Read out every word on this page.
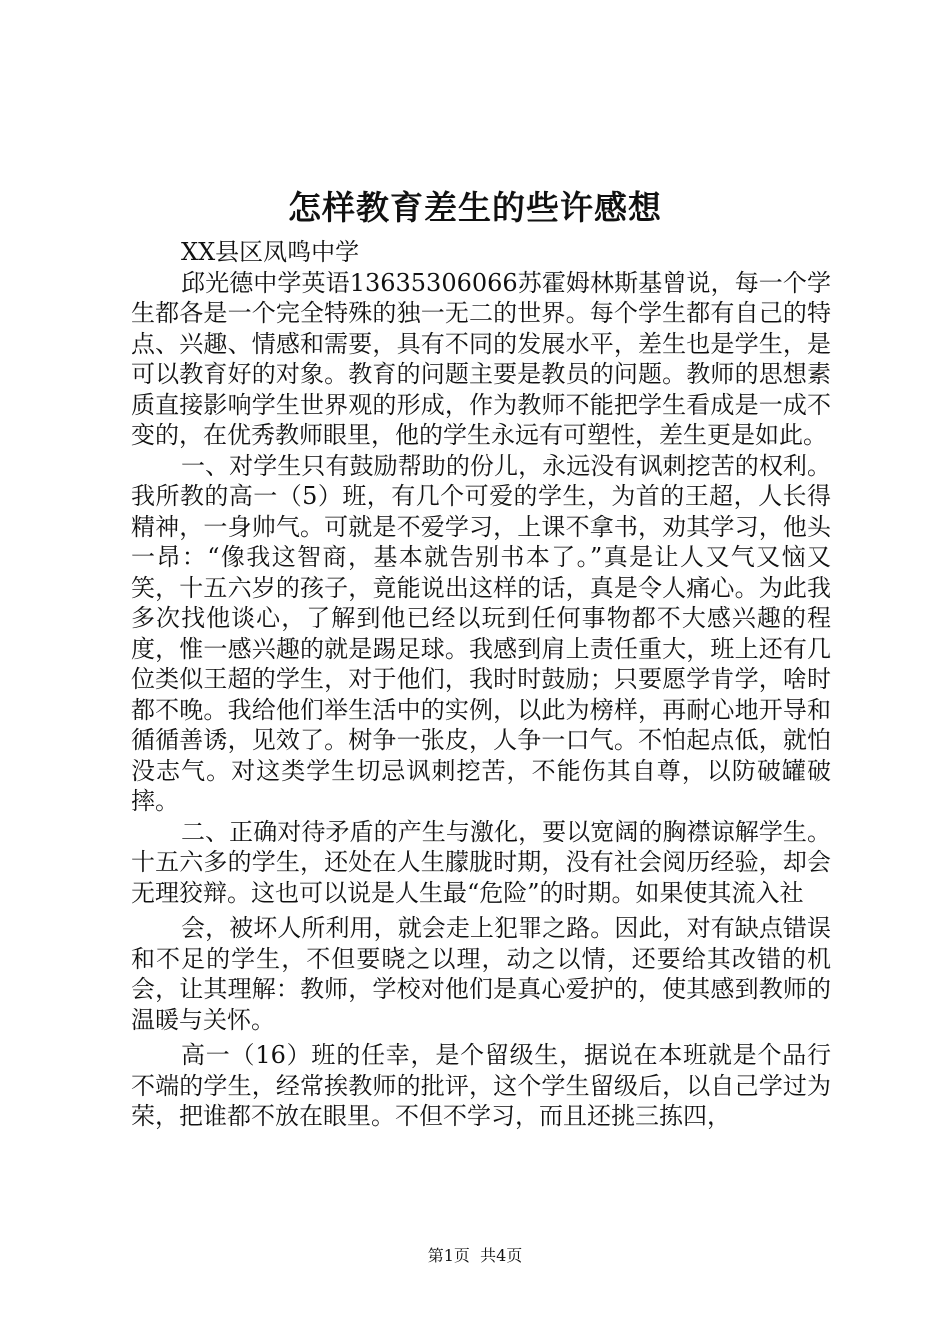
怎样教育差生的些许感想

XX县区凤鸣中学

邱光德中学英语13635306066苏霍姆林斯基曾说，每一个学生都各是一个完全特殊的独一无二的世界。每个学生都有自己的特点、兴趣、情感和需要，具有不同的发展水平，差生也是学生，是可以教育好的对象。教育的问题主要是教员的问题。教师的思想素质直接影响学生世界观的形成，作为教师不能把学生看成是一成不变的，在优秀教师眼里，他的学生永远有可塑性，差生更是如此。

一、对学生只有鼓励帮助的份儿，永远没有讽刺挖苦的权利。我所教的高一（5）班，有几个可爱的学生，为首的王超，人长得精神，一身帅气。可就是不爱学习，上课不拿书，劝其学习，他头一昂：“像我这智商，基本就告别书本了。”真是让人又气又恼又笑，十五六岁的孩子，竟能说出这样的话，真是令人痛心。为此我多次找他谈心，了解到他已经以玩到任何事物都不大感兴趣的程度，惟一感兴趣的就是踢足球。我感到肩上责任重大，班上还有几位类似王超的学生，对于他们，我时时鼓励；只要愿学肯学，啥时都不晚。我给他们举生活中的实例，以此为榜样，再耐心地开导和循循善诱，见效了。树争一张皮，人争一口气。不怕起点低，就怕没志气。对这类学生切忌讽刺挖苦，不能伤其自尊，以防破罐破摔。

二、正确对待矛盾的产生与激化，要以宽阔的胸襟谅解学生。十五六多的学生，还处在人生朦胧时期，没有社会阅历经验，却会无理狡辩。这也可以说是人生最“危险”的时期。如果使其流入社

会，被坏人所利用，就会走上犯罪之路。因此，对有缺点错误和不足的学生，不但要晓之以理，动之以情，还要给其改错的机会，让其理解：教师，学校对他们是真心爱护的，使其感到教师的温暖与关怀。

高一（16）班的任幸，是个留级生，据说在本班就是个品行不端的学生，经常挨教师的批评，这个学生留级后，以自己学过为荣，把谁都不放在眼里。不但不学习，而且还挑三拣四，

第1页 共4页
